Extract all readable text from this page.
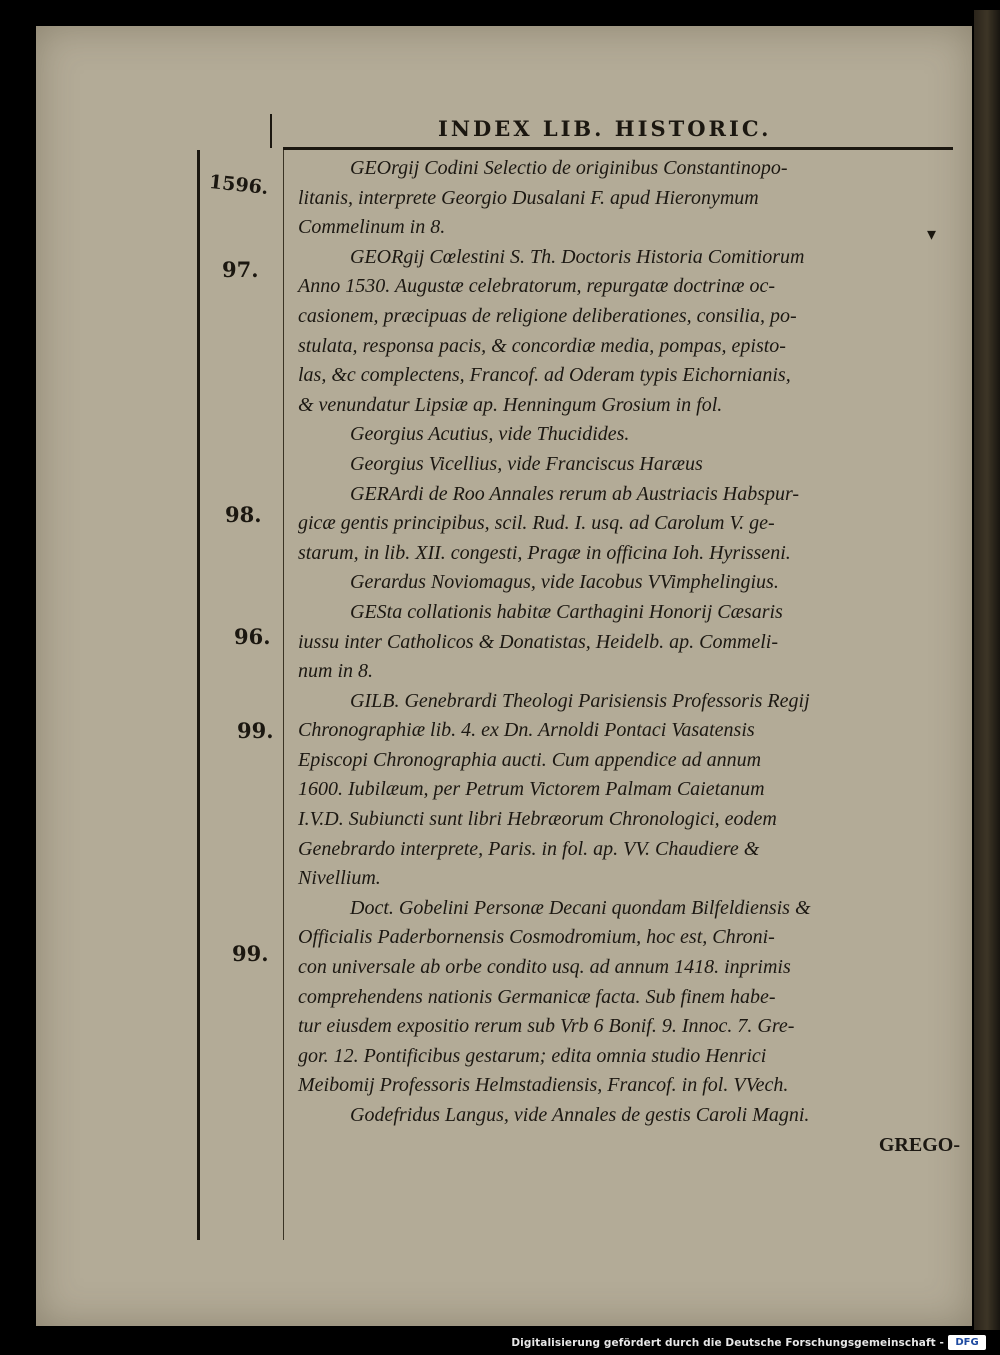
INDEX LIB. HISTORIC.
▾
1596.
97.
98.
96.
99.
99.
GEOrgij Codini Selectio de originibus Constantinopo-
litanis, interprete Georgio Dusalani F. apud Hieronymum
Commelinum in 8.
GEORgij Cœlestini S. Th. Doctoris Historia Comitiorum
Anno 1530. Augustæ celebratorum, repurgatæ doctrinæ oc-
casionem, præcipuas de religione deliberationes, consilia, po-
stulata, responsa pacis, & concordiæ media, pompas, episto-
las, &c complectens, Francof. ad Oderam typis Eichornianis,
& venundatur Lipsiæ ap. Henningum Grosium in fol.
Georgius Acutius, vide Thucidides.
Georgius Vicellius, vide Franciscus Haræus
GERArdi de Roo Annales rerum ab Austriacis Habspur-
gicæ gentis principibus, scil. Rud. I. usq. ad Carolum V. ge-
starum, in lib. XII. congesti, Pragæ in officina Ioh. Hyrisseni.
Gerardus Noviomagus, vide Iacobus VVimphelingius.
GESta collationis habitæ Carthagini Honorij Cæsaris
iussu inter Catholicos & Donatistas, Heidelb. ap. Commeli-
num in 8.
GILB. Genebrardi Theologi Parisiensis Professoris Regij
Chronographiæ lib. 4. ex Dn. Arnoldi Pontaci Vasatensis
Episcopi Chronographia aucti. Cum appendice ad annum
1600. Iubilæum, per Petrum Victorem Palmam Caietanum
I.V.D. Subiuncti sunt libri Hebræorum Chronologici, eodem
Genebrardo interprete, Paris. in fol. ap. VV. Chaudiere &
Nivellium.
Doct. Gobelini Personæ Decani quondam Bilfeldiensis &
Officialis Paderbornensis Cosmodromium, hoc est, Chroni-
con universale ab orbe condito usq. ad annum 1418. inprimis
comprehendens nationis Germanicæ facta. Sub finem habe-
tur eiusdem expositio rerum sub Vrb 6 Bonif. 9. Innoc. 7. Gre-
gor. 12. Pontificibus gestarum; edita omnia studio Henrici
Meibomij Professoris Helmstadiensis, Francof. in fol. VVech.
Godefridus Langus, vide Annales de gestis Caroli Magni.
GREGO-
Digitalisierung gefördert durch die Deutsche Forschungsgemeinschaft -	DFG
